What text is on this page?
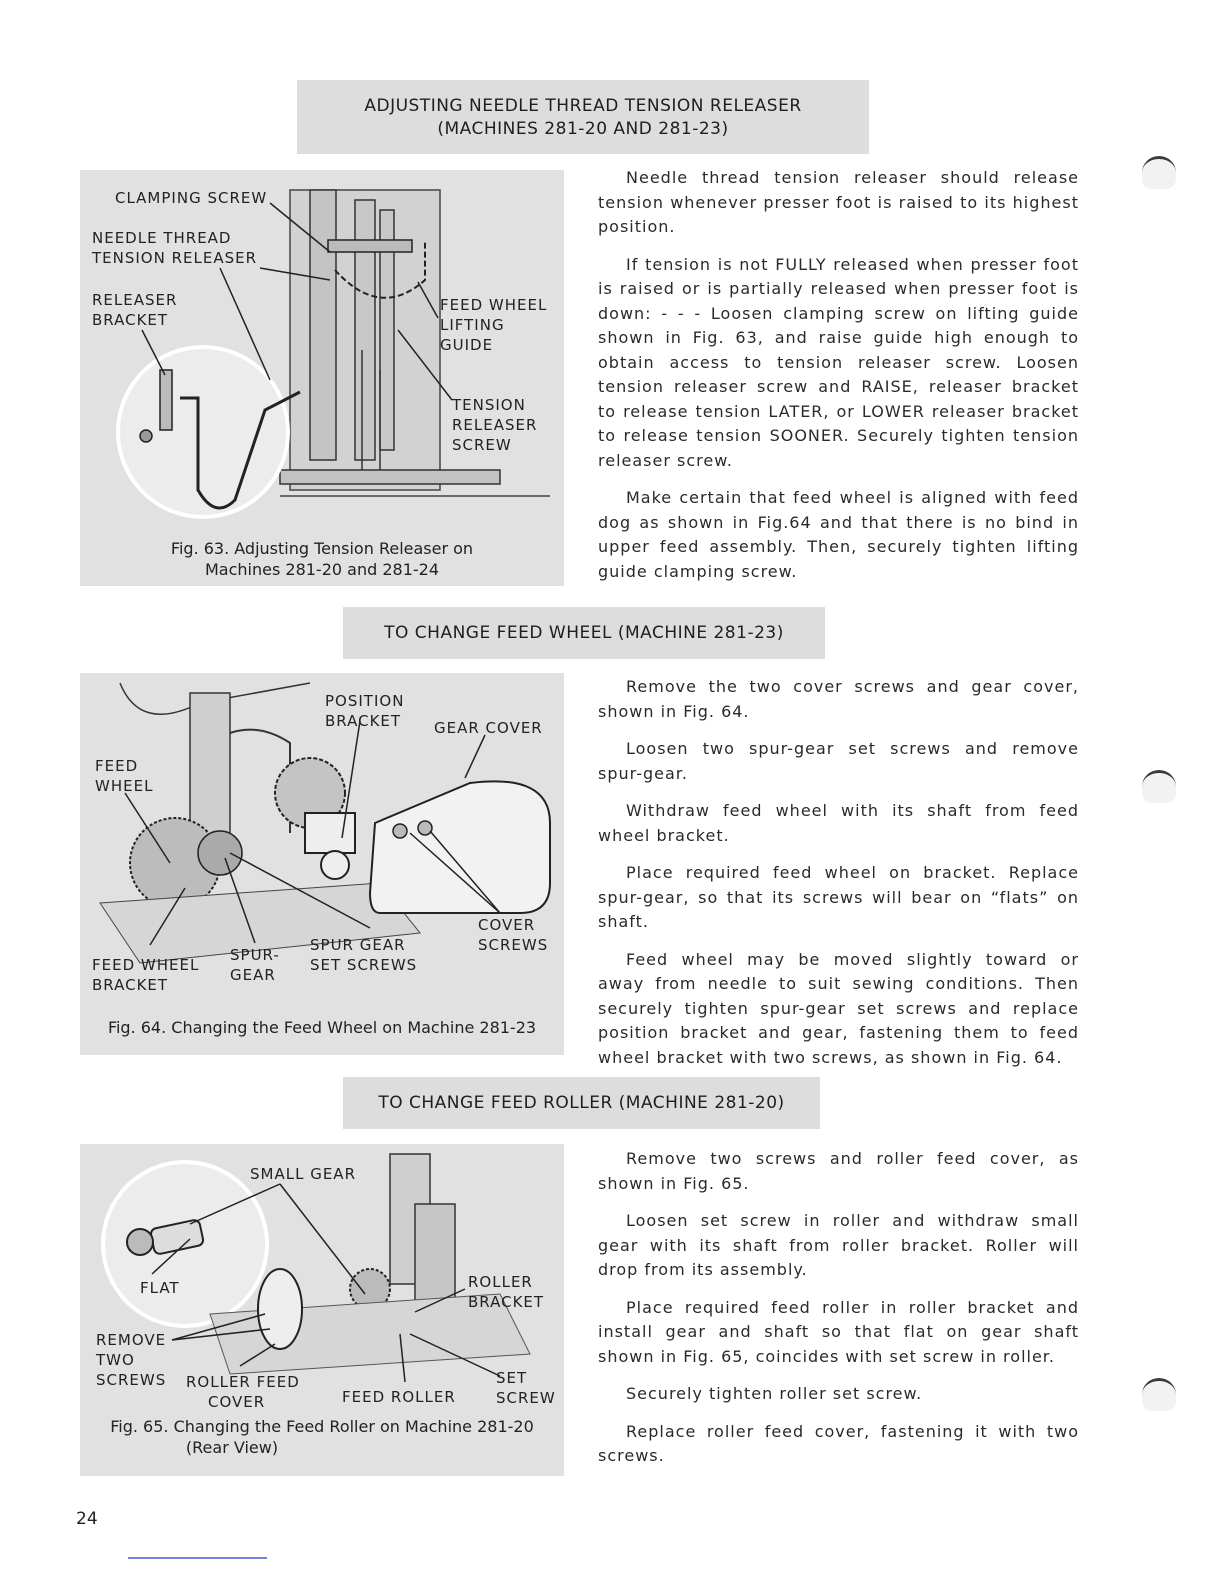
ADJUSTING NEEDLE THREAD TENSION RELEASER
(MACHINES 281-20 AND 281-23)
CLAMPING SCREW
NEEDLE THREAD
TENSION RELEASER
RELEASER
BRACKET
FEED WHEEL
LIFTING
GUIDE
TENSION
RELEASER
SCREW
Fig. 63. Adjusting Tension Releaser on
Machines 281-20 and 281-24

Needle thread tension releaser should release tension whenever presser foot is raised to its highest position.

If tension is not FULLY released when presser foot is raised or is partially released when presser foot is down: - - - Loosen clamping screw on lifting guide shown in Fig. 63, and raise guide high enough to obtain access to tension releaser screw. Loosen tension releaser screw and RAISE, releaser bracket to release tension LATER, or LOWER releaser bracket to release tension SOONER. Securely tighten tension releaser screw.

Make certain that feed wheel is aligned with feed dog as shown in Fig.64 and that there is no bind in upper feed assembly. Then, securely tighten lifting guide clamping screw.

TO CHANGE FEED WHEEL (MACHINE 281-23)
POSITION
BRACKET GEAR COVER
FEED
WHEEL
COVER
SCREWS
SPUR GEAR
SET SCREWS
SPUR-
GEAR
FEED WHEEL
BRACKET
Fig. 64. Changing the Feed Wheel on Machine 281-23

Remove the two cover screws and gear cover, shown in Fig. 64.

Loosen two spur-gear set screws and remove spur-gear.

Withdraw feed wheel with its shaft from feed wheel bracket.

Place required feed wheel on bracket. Replace spur-gear, so that its screws will bear on “flats” on shaft.

Feed wheel may be moved slightly toward or away from needle to suit sewing conditions. Then securely tighten spur-gear set screws and replace position bracket and gear, fastening them to feed wheel bracket with two screws, as shown in Fig. 64.

TO CHANGE FEED ROLLER (MACHINE 281-20)
SMALL GEAR
FLAT	ROLLER
BRACKET
REMOVE
TWO
SCREWS ROLLER FEED
COVER	FEED ROLLER
SET
SCREW
Fig. 65. Changing the Feed Roller on Machine 281-20
(Rear View)

Remove two screws and roller feed cover, as shown in Fig. 65.

Loosen set screw in roller and withdraw small gear with its shaft from roller bracket. Roller will drop from its assembly.

Place required feed roller in roller bracket and install gear and shaft so that flat on gear shaft shown in Fig. 65, coincides with set screw in roller.

Securely tighten roller set screw.

Replace roller feed cover, fastening it with two screws.

24
